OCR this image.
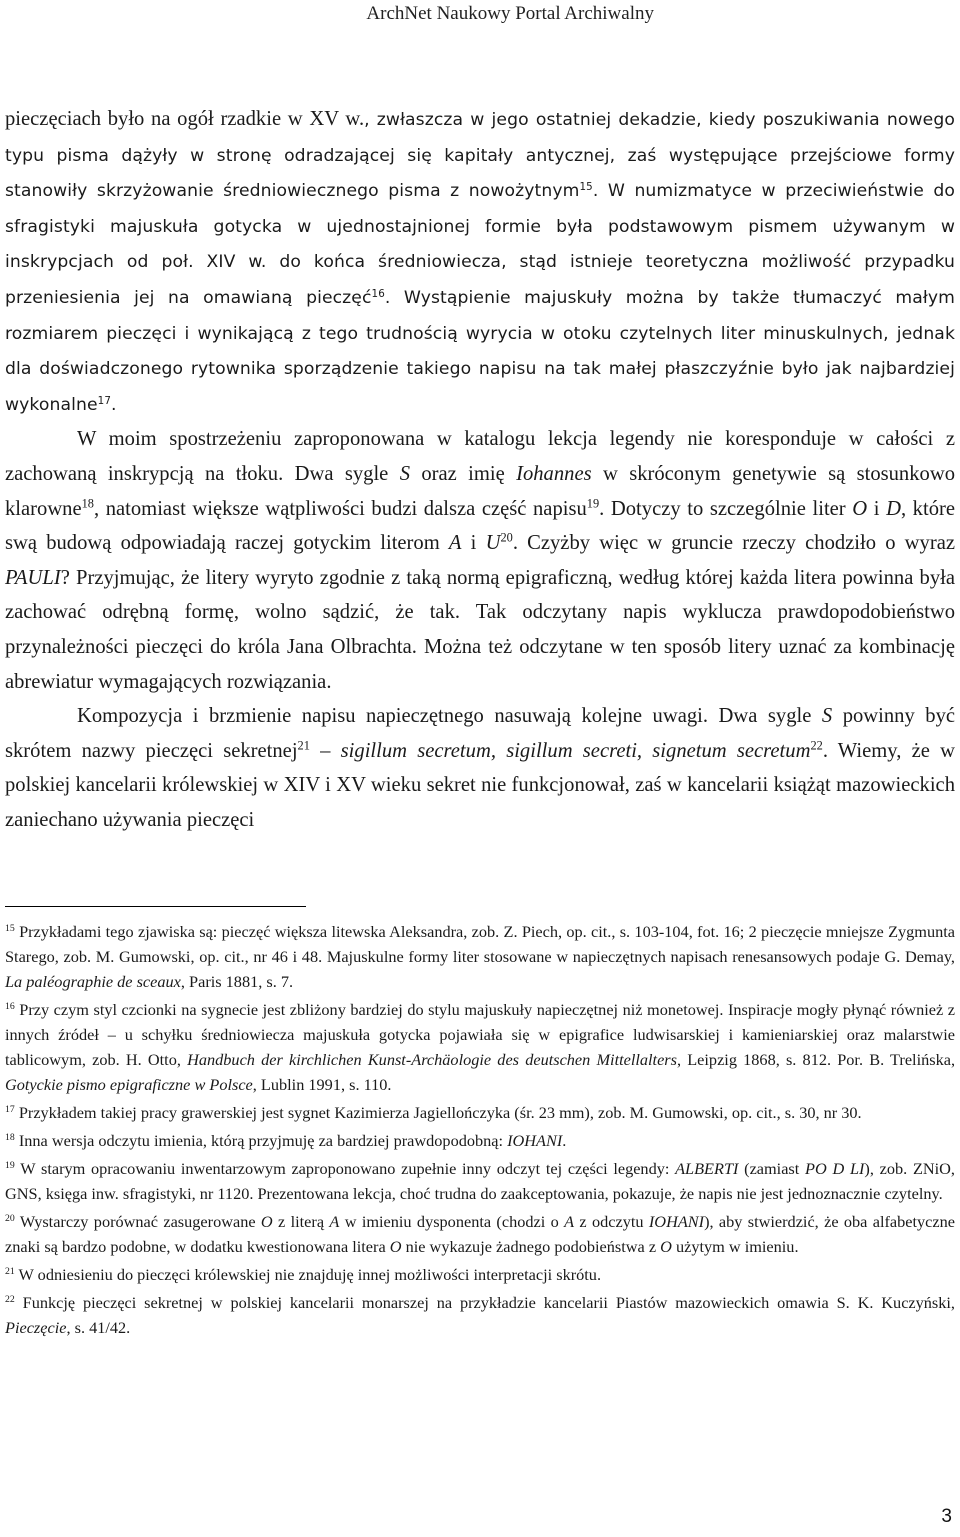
ArchNet Naukowy Portal Archiwalny

pieczęciach było na ogół rzadkie w XV w., zwłaszcza w jego ostatniej dekadzie, kiedy poszukiwania nowego typu pisma dążyły w stronę odradzającej się kapitały antycznej, zaś występujące przejściowe formy stanowiły skrzyżowanie średniowiecznego pisma z nowożytnym$^{15}$. W numizmatyce w przeciwieństwie do sfragistyki majuskuła gotycka w ujednostajnionej formie była podstawowym pismem używanym w inskrypcjach od poł. XIV w. do końca średniowiecza, stąd istnieje teoretyczna możliwość przypadku przeniesienia jej na omawianą pieczęć$^{16}$. Wystąpienie majuskuły można by także tłumaczyć małym rozmiarem pieczęci i wynikającą z tego trudnością wyrycia w otoku czytelnych liter minuskulnych, jednak dla doświadczonego rytownika sporządzenie takiego napisu na tak małej płaszczyźnie było jak najbardziej wykonalne$^{17}$.

W moim spostrzeżeniu zaproponowana w katalogu lekcja legendy nie koresponduje w całości z zachowaną inskrypcją na tłoku. Dwa sygle S oraz imię Iohannes w skróconym genetywie są stosunkowo klarowne$^{18}$, natomiast większe wątpliwości budzi dalsza część napisu$^{19}$. Dotyczy to szczególnie liter O i D, które swą budową odpowiadają raczej gotyckim literom A i $U^{20}$. Czyżby więc w gruncie rzeczy chodziło o wyraz PAULI? Przyjmując, że litery wyryto zgodnie z taką normą epigraficzną, według której każda litera powinna była zachować odrębną formę, wolno sądzić, że tak. Tak odczytany napis wyklucza prawdopodobieństwo przynależności pieczęci do króla Jana Olbrachta. Można też odczytane w ten sposób litery uznać za kombinację abrewiatur wymagających rozwiązania.

Kompozycja i brzmienie napisu napieczętnego nasuwają kolejne uwagi. Dwa sygle S powinny być skrótem nazwy pieczęci sekretnej$^{21}$ – sigillum secretum, sigillum secreti, signetum secretum$^{22}$. Wiemy, że w polskiej kancelarii królewskiej w XIV i XV wieku sekret nie funkcjonował, zaś w kancelarii książąt mazowieckich zaniechano używania pieczęci

$^{15}$ Przykładami tego zjawiska są: pieczęć większa litewska Aleksandra, zob. Z. Piech, op. cit., s. 103-104, fot. 16; 2 pieczęcie mniejsze Zygmunta Starego, zob. M. Gumowski, op. cit., nr 46 i 48. Majuskulne formy liter stosowane w napieczętnych napisach renesansowych podaje G. Demay, La paléographie de sceaux, Paris 1881, s. 7.

$^{16}$ Przy czym styl czcionki na sygnecie jest zbliżony bardziej do stylu majuskuły napieczętnej niż monetowej. Inspiracje mogły płynąć również z innych źródeł – u schyłku średniowiecza majuskuła gotycka pojawiała się w epigrafice ludwisarskiej i kamieniarskiej oraz malarstwie tablicowym, zob. H. Otto, Handbuch der kirchlichen Kunst-Archäologie des deutschen Mittellalters, Leipzig 1868, s. 812. Por. B. Trelińska, Gotyckie pismo epigraficzne w Polsce, Lublin 1991, s. 110.

$^{17}$ Przykładem takiej pracy grawerskiej jest sygnet Kazimierza Jagiellończyka (śr. 23 mm), zob. M. Gumowski, op. cit., s. 30, nr 30.

$^{18}$ Inna wersja odczytu imienia, którą przyjmuję za bardziej prawdopodobną: IOHANI.

$^{19}$ W starym opracowaniu inwentarzowym zaproponowano zupełnie inny odczyt tej części legendy: ALBERTI (zamiast PO D LI), zob. ZNiO, GNS, księga inw. sfragistyki, nr 1120. Prezentowana lekcja, choć trudna do zaakceptowania, pokazuje, że napis nie jest jednoznacznie czytelny.

$^{20}$ Wystarczy porównać zasugerowane O z literą A w imieniu dysponenta (chodzi o A z odczytu IOHANI), aby stwierdzić, że oba alfabetyczne znaki są bardzo podobne, w dodatku kwestionowana litera O nie wykazuje żadnego podobieństwa z O użytym w imieniu.

$^{21}$ W odniesieniu do pieczęci królewskiej nie znajduję innej możliwości interpretacji skrótu.

$^{22}$ Funkcję pieczęci sekretnej w polskiej kancelarii monarszej na przykładzie kancelarii Piastów mazowieckich omawia S. K. Kuczyński, Pieczęcie, s. 41/42.

3
